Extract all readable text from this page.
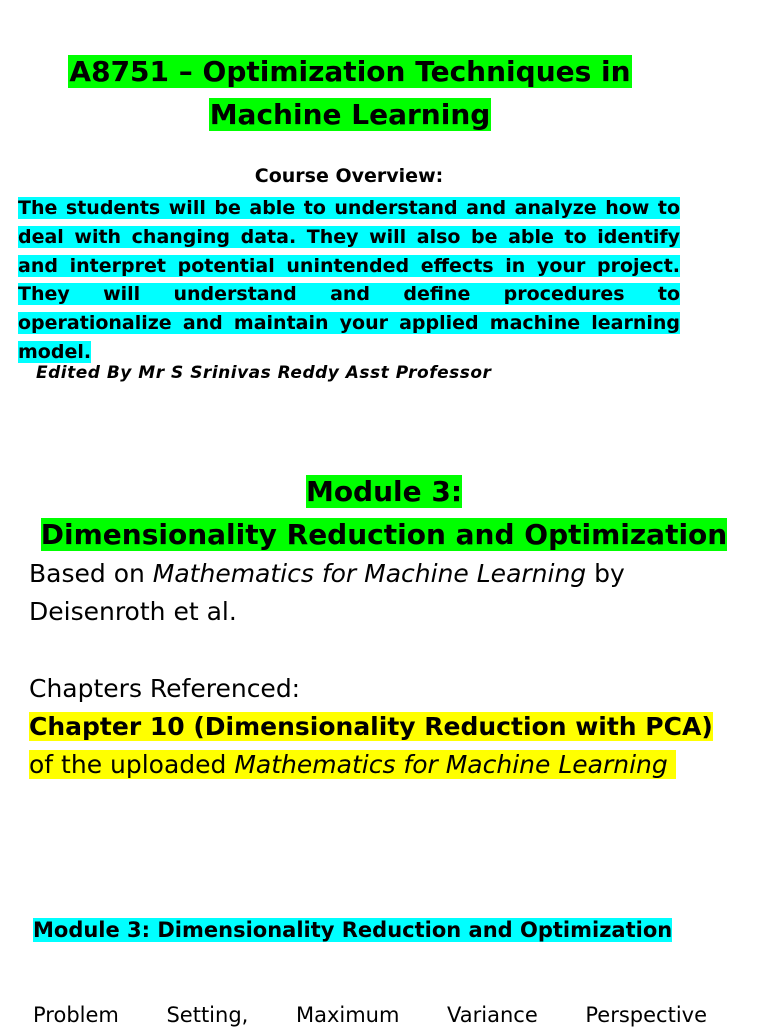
A8751 – Optimization Techniques in
Machine Learning

Course Overview:

The students will be able to understand and analyze how to deal with changing data. They will also be able to identify and interpret potential unintended effects in your project. They will understand and define procedures to operationalize and maintain your applied machine learning model.

Edited By Mr S Srinivas Reddy Asst Professor

Module 3:
Dimensionality Reduction and Optimization

Based on Mathematics for Machine Learning by Deisenroth et al.

Chapters Referenced:
Chapter 10 (Dimensionality Reduction with PCA) of the uploaded Mathematics for Machine Learning

Module 3: Dimensionality Reduction and Optimization

Problem Setting, Maximum Variance Perspective
